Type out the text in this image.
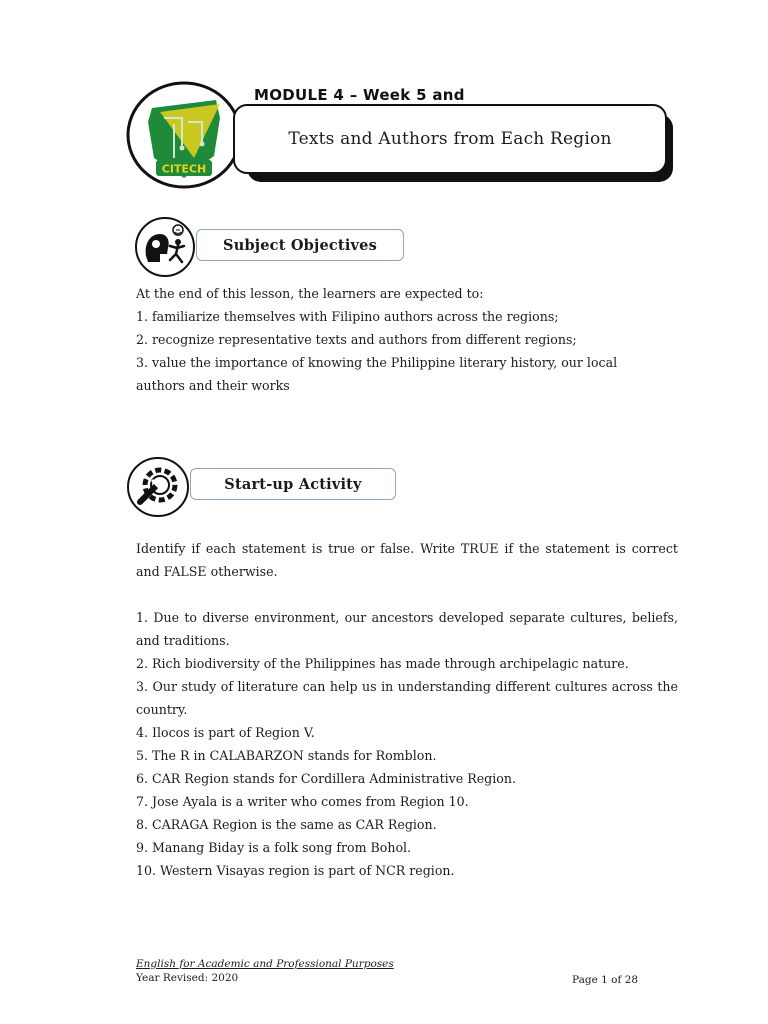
CITECH
MODULE 4 – Week 5 and
Texts and Authors from Each Region
Subject Objectives

At the end of this lesson, the learners are expected to:

1. familiarize themselves with Filipino authors across the regions;

2. recognize representative texts and authors from different regions;

3. value the importance of knowing the Philippine literary history, our local

authors and their works

Start-up Activity
Identify if each statement is true or false. Write TRUE if the statement is correct and FALSE otherwise.

1. Due to diverse environment, our ancestors developed separate cultures, beliefs, and traditions.

2. Rich biodiversity of the Philippines has made through archipelagic nature.

3. Our study of literature can help us in understanding different cultures across the country.

4. Ilocos is part of Region V.

5. The R in CALABARZON stands for Romblon.

6. CAR Region stands for Cordillera Administrative Region.

7. Jose Ayala is a writer who comes from Region 10.

8. CARAGA Region is the same as CAR Region.

9. Manang Biday is a folk song from Bohol.

10. Western Visayas region is part of NCR region.

English for Academic and Professional Purposes
Year Revised: 2020	Page 1 of 28
